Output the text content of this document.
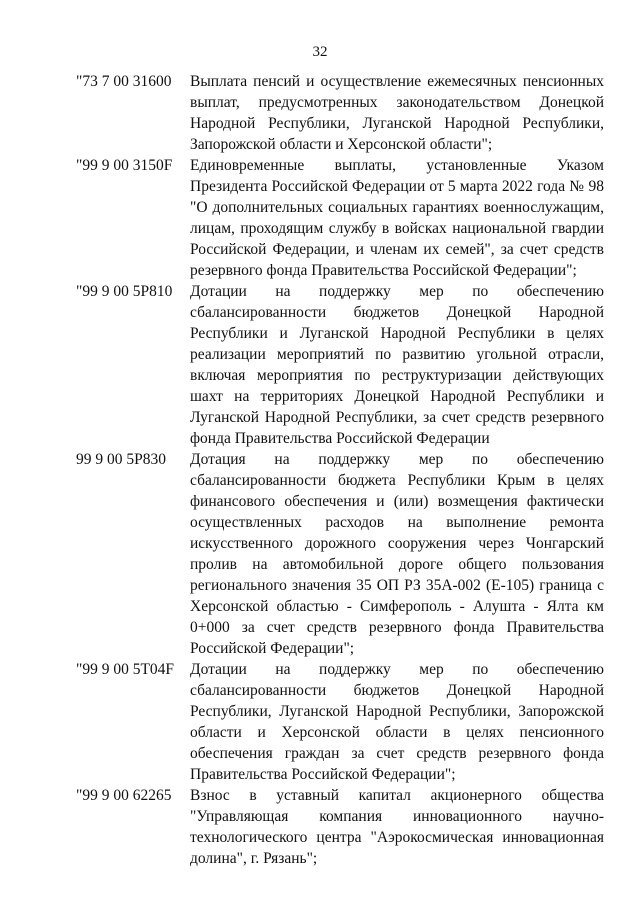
32
"73 7 00 31600	Выплата пенсий и осуществление ежемесячных пенсионных выплат, предусмотренных законодательством Донецкой Народной Республики, Луганской Народной Республики, Запорожской области и Херсонской области";
"99 9 00 3150F	Единовременные выплаты, установленные Указом Президента Российской Федерации от 5 марта 2022 года № 98 "О дополнительных социальных гарантиях военнослужащим, лицам, проходящим службу в войсках национальной гвардии Российской Федерации, и членам их семей", за счет средств резервного фонда Правительства Российской Федерации";
"99 9 00 5P810	Дотации на поддержку мер по обеспечению сбалансированности бюджетов Донецкой Народной Республики и Луганской Народной Республики в целях реализации мероприятий по развитию угольной отрасли, включая мероприятия по реструктуризации действующих шахт на территориях Донецкой Народной Республики и Луганской Народной Республики, за счет средств резервного фонда Правительства Российской Федерации
99 9 00 5P830	Дотация на поддержку мер по обеспечению сбалансированности бюджета Республики Крым в целях финансового обеспечения и (или) возмещения фактически осуществленных расходов на выполнение ремонта искусственного дорожного сооружения через Чонгарский пролив на автомобильной дороге общего пользования регионального значения 35 ОП РЗ 35А-002 (Е-105) граница с Херсонской областью - Симферополь - Алушта - Ялта км 0+000 за счет средств резервного фонда Правительства Российской Федерации";
"99 9 00 5T04F	Дотации на поддержку мер по обеспечению сбалансированности бюджетов Донецкой Народной Республики, Луганской Народной Республики, Запорожской области и Херсонской области в целях пенсионного обеспечения граждан за счет средств резервного фонда Правительства Российской Федерации";
"99 9 00 62265	Взнос в уставный капитал акционерного общества "Управляющая компания инновационного научно-технологического центра "Аэрокосмическая инновационная долина", г. Рязань";
